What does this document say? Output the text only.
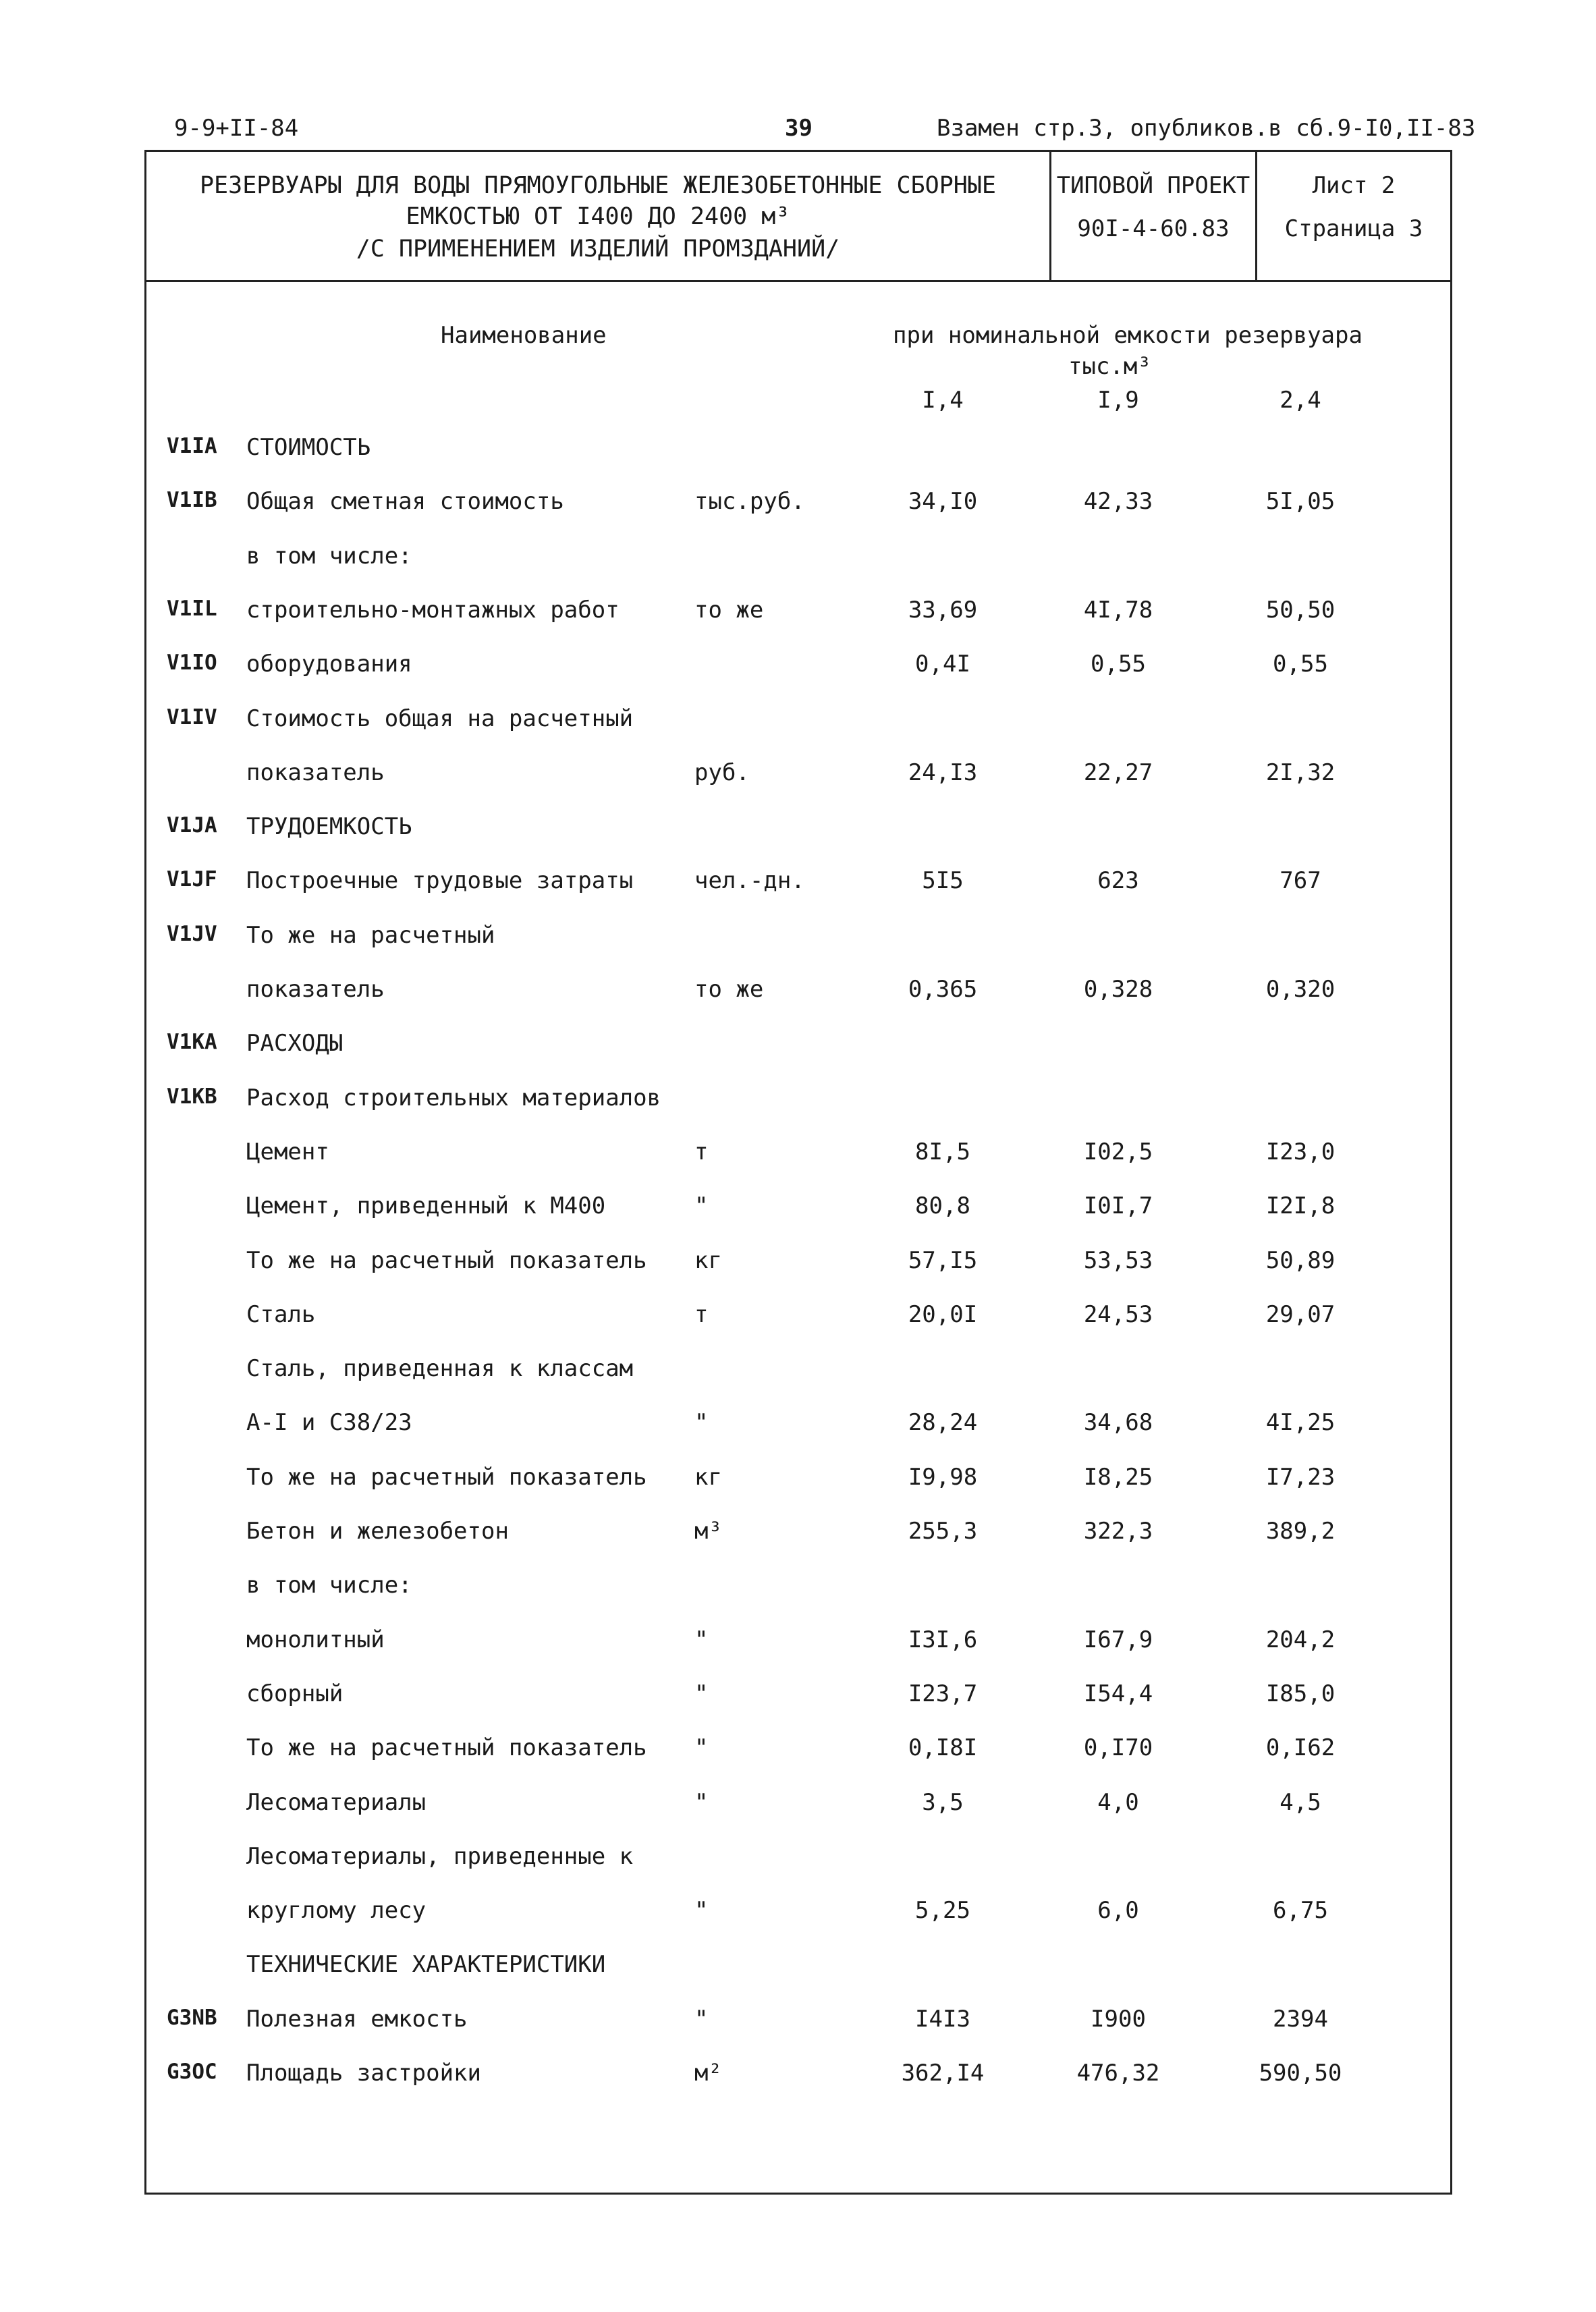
9-9+II-84	39	Взамен стр.3, опубликов.в сб.9-I0,II-83
РЕЗЕРВУАРЫ ДЛЯ ВОДЫ ПРЯМОУГОЛЬНЫЕ ЖЕЛЕЗОБЕТОННЫЕ СБОРНЫЕ
ЕМКОСТЬЮ ОТ I400 ДО 2400 м³
/С ПРИМЕНЕНИЕМ ИЗДЕЛИЙ ПРОМЗДАНИЙ/
ТИПОВОЙ ПРОЕКТ
90I-4-60.83
Лист 2
Страница 3
Наименование	при номинальной емкости резервуара
тыс.м³
I,4	I,9	2,4
V1IA СТОИМОСТЬ
V1IB Общая сметная стоимость	тыс.руб.	34,I0	42,33	5I,05
в том числе:
V1IL строительно-монтажных работ	то же	33,69	4I,78	50,50
V1IO оборудования	0,4I	0,55	0,55
V1IV Стоимость общая на расчетный
показатель	руб.	24,I3	22,27	2I,32
V1JA ТРУДОЕМКОСТЬ
V1JF Построечные трудовые затраты	чел.-дн.	5I5	623	767
V1JV То же на расчетный
показатель	то же	0,365	0,328	0,320
V1KA РАСХОДЫ
V1KB Расход строительных материалов
Цемент	т	8I,5	I02,5	I23,0
Цемент, приведенный к М400	"	80,8	I0I,7	I2I,8
То же на расчетный показатель кг	57,I5	53,53	50,89
Сталь	т	20,0I	24,53	29,07
Сталь, приведенная к классам
A-I и С38/23	"	28,24	34,68	4I,25
То же на расчетный показатель кг	I9,98	I8,25	I7,23
Бетон и железобетон	м³	255,3	322,3	389,2
в том числе:
монолитный	"	I3I,6	I67,9	204,2
сборный	"	I23,7	I54,4	I85,0
То же на расчетный показатель "	0,I8I	0,I70	0,I62
Лесоматериалы	"	3,5	4,0	4,5
Лесоматериалы, приведенные к
круглому лесу	"	5,25	6,0	6,75
ТЕХНИЧЕСКИЕ ХАРАКТЕРИСТИКИ
G3NB Полезная емкость	"	I4I3	I900	2394
G3OC Площадь застройки	м²	362,I4	476,32	590,50
